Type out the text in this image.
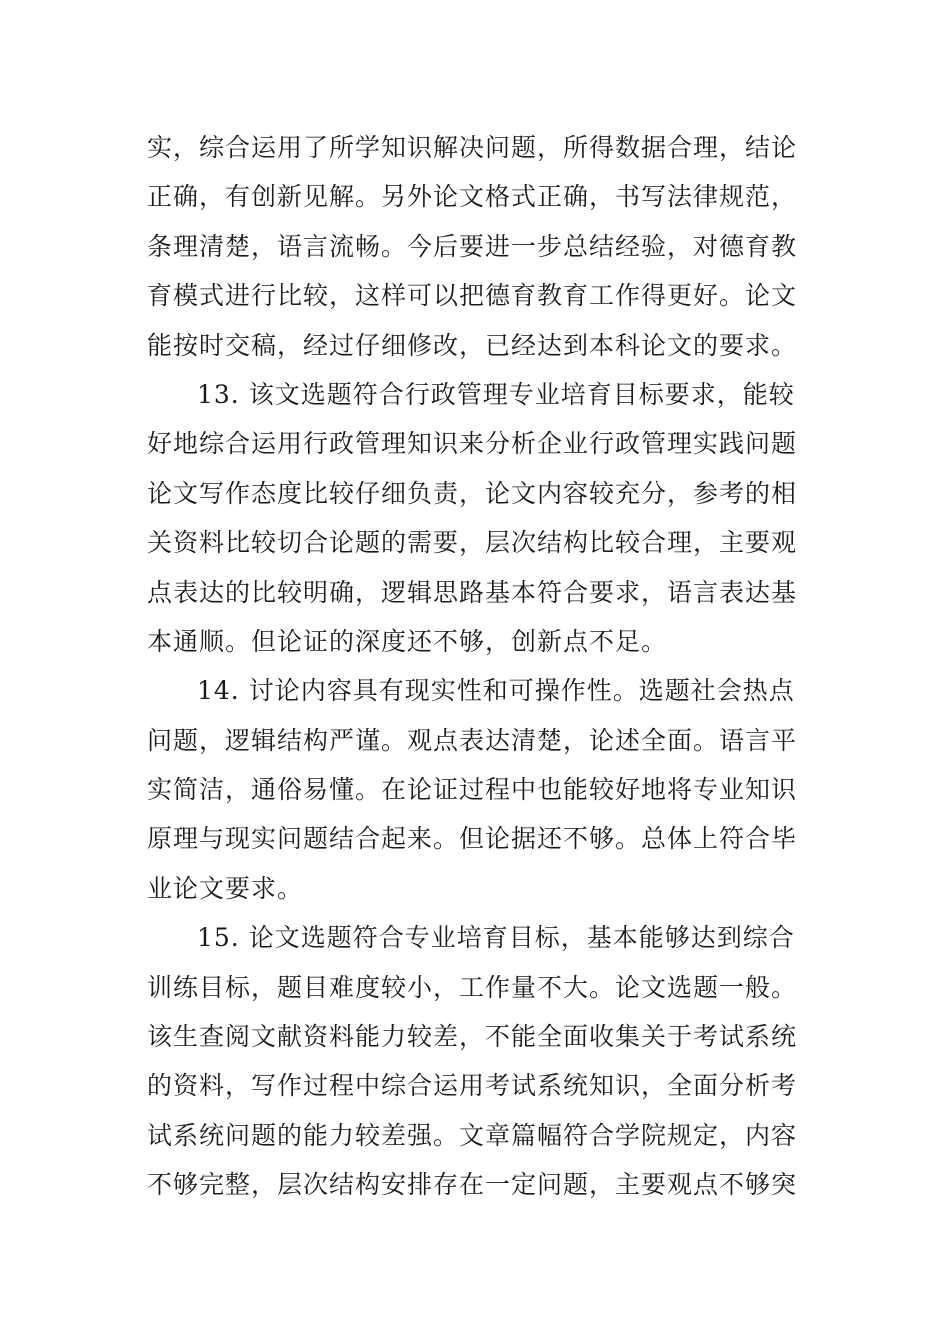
实，综合运用了所学知识解决问题，所得数据合理，结论
正确，有创新见解。另外论文格式正确，书写法律规范，
条理清楚，语言流畅。今后要进一步总结经验，对德育教
育模式进行比较，这样可以把德育教育工作得更好。论文
能按时交稿，经过仔细修改，已经达到本科论文的要求。
13. 该文选题符合行政管理专业培育目标要求，能较
好地综合运用行政管理知识来分析企业行政管理实践问题
论文写作态度比较仔细负责，论文内容较充分，参考的相
关资料比较切合论题的需要，层次结构比较合理，主要观
点表达的比较明确，逻辑思路基本符合要求，语言表达基
本通顺。但论证的深度还不够，创新点不足。
14. 讨论内容具有现实性和可操作性。选题社会热点
问题，逻辑结构严谨。观点表达清楚，论述全面。语言平
实简洁，通俗易懂。在论证过程中也能较好地将专业知识
原理与现实问题结合起来。但论据还不够。总体上符合毕
业论文要求。
15. 论文选题符合专业培育目标，基本能够达到综合
训练目标，题目难度较小，工作量不大。论文选题一般。
该生查阅文献资料能力较差，不能全面收集关于考试系统
的资料，写作过程中综合运用考试系统知识，全面分析考
试系统问题的能力较差强。文章篇幅符合学院规定，内容
不够完整，层次结构安排存在一定问题，主要观点不够突
